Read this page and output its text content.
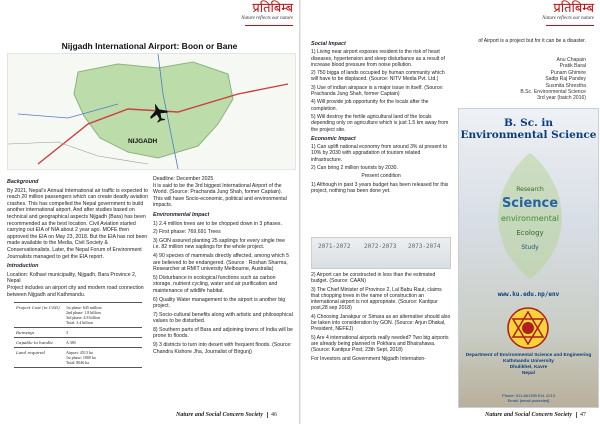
प्रतिबिम्ब
Nature reflects our nature
Nijgadh International Airport: Boon or Bane
NIJGADH
Background

By 2021, Nepal's Annual International air traffic is expected to reach 20 million passengers which can create deadly aviation crashes. This has compelled the Nepal government to build another international airport. And after studies based on technical and geographical aspects Nijgadh (Bara) has been recommended as the best location. Civil Aviation started carrying out EIA of NIA about 2 year ago. MOFE then approved the EIA on May 23, 2018. But the EIA has not been made available to the Media, Civil Society & Conservationalists. Later, the Nepal Forum of Environment Journalists managed to get the EIA report.

Introduction

Location: Kolhavi municipality, Nijgadh, Bara Province 2, Nepal
Project includes an airport city and modern road connection between Nijgadh and Kathmandu.

Project Cost (in USD)	1st phase: 645 million
2nd phase: 1.8 billion
3rd phase: 4.8 billion
Total: 3.4 billion
Runways	3
Capable to handle	A 380
Land required	Airport: 4513 ha
1st phase: 1800 ha
Total: 8046 ha

Deadline: December 2025
It is said to be the 3rd biggest International Airport of the World. (Source: Prachanda Jung Shah, former Captain).
This will have Socio-economic, political and environmental impacts.

Environmental Impact

1) 2.4 million trees are to be chopped down in 3 phases.

2) First phase: 769,691 Trees

3) GON assured planting 25 saplings for every single tree i.e. 82 million new saplings for the whole project.

4) 90 species of mammals directly affected, among which 5 are believed to be endangered. (Source : Roshan Sharma, Researcher at RMIT university Melbourne, Australia)

5) Disturbance in ecological functions such as carbon storage, nutrient cycling, water and air purification and maintenance of wildlife habitat.

6) Quality Water management to the airport is another big project.

7) Socio-cultural benefits along with artistic and philosophical values to be disturbed.

8) Southern parts of Bara and adjoining towns of India will be prone to floods.

9) 3 districts to turn into desert with frequent floods. (Source: Chandra Kishore Jha, Journalist of Birgunj)

Nature and Social Concern Society 46
प्रतिबिम्ब
Nature reflects our nature
Social Impact

1) Living near airport exposes resident to the risk of heart diseases, hypertension and sleep disturbance as a result of increase blood pressure from noise pollution.

2) 750 bigga of lands occupied by human community which will have to be displaced. (Source: NITV Media Pvt. Ltd.)

3) Use of indian airspace is a major issue in itself. (Source: Prachanda Jung Shah, former Captain)

4) Will provide job opportunity for the locals after the completion.

5) Will destroy the fertile agricultural land of the locals depending only on agriculture which is just 1.5 km away from the project site.

Economic Impact

1) Can uplift national economy from around 3% at present to 10% by 2030 with upgradation of tourism related infrastructure.

2) Can bring 2 million tourists by 2030.

Present condition

1) Although in past 3 years budget has been released for this project, nothing has been done yet.

2071-2072 2072-2073 2073-2074

2) Airport can be constructed in less than the estimated budget. (Source: CAAN)

3) The Chief Minister of Province 2, Lal Babu Raut, claims that chopping trees in the name of construction an international airport is not appropriate. (Source: Kantipur post,28 sep 2018)

4) Choosing Janakpur or Simara as an alternative should also be taken into consideration by GON. (Source: Arjun Dhakal, President, NEFEJ)

5) Are 4 international airports really needed? Two big airports are already being planned in Pokhara and Bhairahawa. (Source: Kantipur Post, 23th Sept, 2018)

For Investors and Government Nijgadh Internation-

of Airport is a project but for it can be a disaster.
Anu Chapain
Pratik Baral
Punam Ghimire
Sadip Raj Pandey
Susmita Shrestha
B.Sc. Environmental Science
3rd year (batch 2016)
B. Sc. in Environmental Science
Research
Science
environmental
Ecology
Study
www.ku.edu.np/env
Department of Environmental Science and Engineering
Kathmandu University
Dhulikhel, Kavre
Nepal
Phone: 011-661399 Ext. 2213
Email: [email protected]
Nature and Social Concern Society 47
